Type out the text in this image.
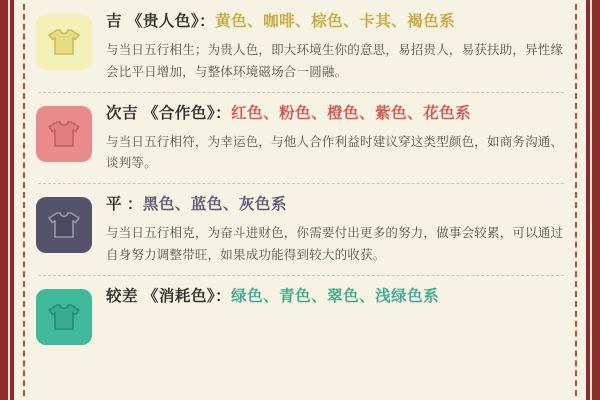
吉 《贵人色》：黄色、咖啡、棕色、卡其、褐色系
与当日五行相生；为贵人色，即大环境生你的意思，易招贵人，易获扶助，异性缘会比平日增加，与整体环境磁场合一圆融。
次吉 《合作色》：红色、粉色、橙色、紫色、花色系
与当日五行相符，为幸运色，与他人合作利益时建议穿这类型颜色，如商务沟通、谈判等。
平 ：黑色、蓝色、灰色系
与当日五行相克，为奋斗进财色，你需要付出更多的努力，做事会较累，可以通过自身努力调整带旺，如果成功能得到较大的收获。
较差 《消耗色》：绿色、青色、翠色、浅绿色系
